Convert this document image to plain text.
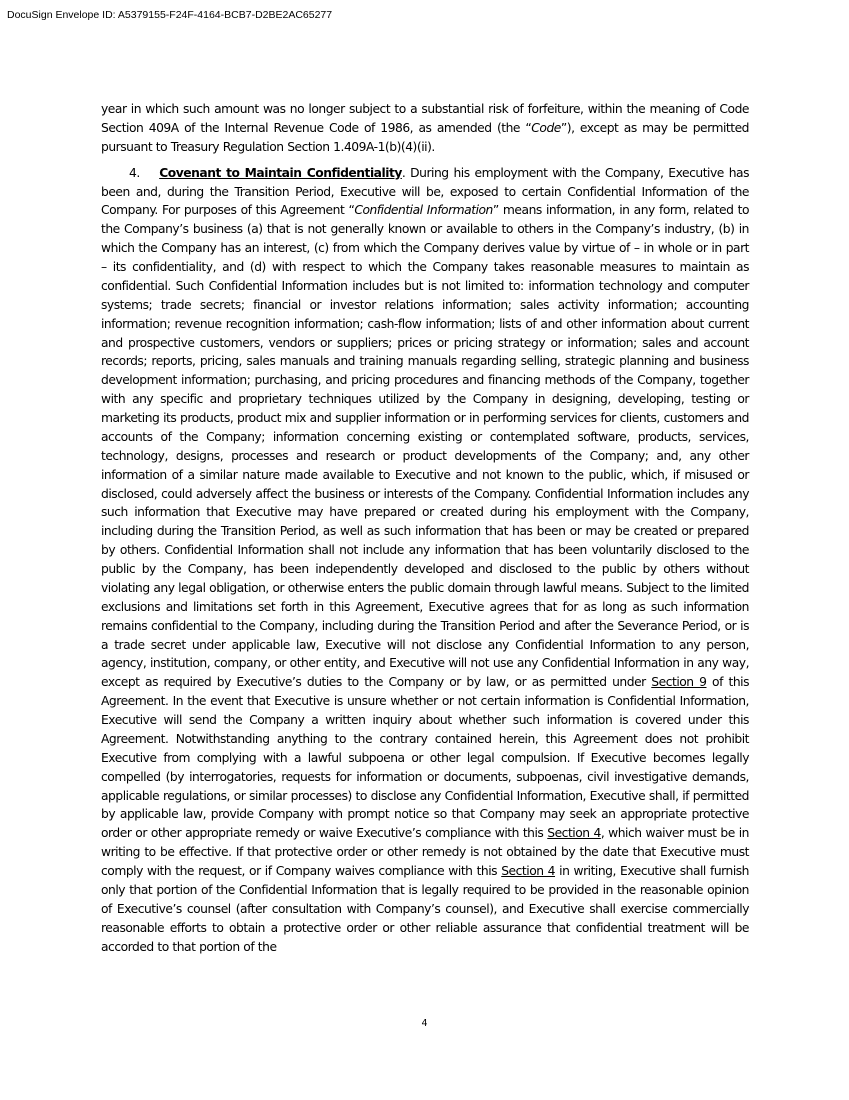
DocuSign Envelope ID: A5379155-F24F-4164-BCB7-D2BE2AC65277

year in which such amount was no longer subject to a substantial risk of forfeiture, within the meaning of Code Section 409A of the Internal Revenue Code of 1986, as amended (the “Code”), except as may be permitted pursuant to Treasury Regulation Section 1.409A-1(b)(4)(ii).

4. Covenant to Maintain Confidentiality. During his employment with the Company, Executive has been and, during the Transition Period, Executive will be, exposed to certain Confidential Information of the Company. For purposes of this Agreement “Confidential Information” means information, in any form, related to the Company’s business (a) that is not generally known or available to others in the Company’s industry, (b) in which the Company has an interest, (c) from which the Company derives value by virtue of – in whole or in part – its confidentiality, and (d) with respect to which the Company takes reasonable measures to maintain as confidential. Such Confidential Information includes but is not limited to: information technology and computer systems; trade secrets; financial or investor relations information; sales activity information; accounting information; revenue recognition information; cash-flow information; lists of and other information about current and prospective customers, vendors or suppliers; prices or pricing strategy or information; sales and account records; reports, pricing, sales manuals and training manuals regarding selling, strategic planning and business development information; purchasing, and pricing procedures and financing methods of the Company, together with any specific and proprietary techniques utilized by the Company in designing, developing, testing or marketing its products, product mix and supplier information or in performing services for clients, customers and accounts of the Company; information concerning existing or contemplated software, products, services, technology, designs, processes and research or product developments of the Company; and, any other information of a similar nature made available to Executive and not known to the public, which, if misused or disclosed, could adversely affect the business or interests of the Company. Confidential Information includes any such information that Executive may have prepared or created during his employment with the Company, including during the Transition Period, as well as such information that has been or may be created or prepared by others. Confidential Information shall not include any information that has been voluntarily disclosed to the public by the Company, has been independently developed and disclosed to the public by others without violating any legal obligation, or otherwise enters the public domain through lawful means. Subject to the limited exclusions and limitations set forth in this Agreement, Executive agrees that for as long as such information remains confidential to the Company, including during the Transition Period and after the Severance Period, or is a trade secret under applicable law, Executive will not disclose any Confidential Information to any person, agency, institution, company, or other entity, and Executive will not use any Confidential Information in any way, except as required by Executive’s duties to the Company or by law, or as permitted under Section 9 of this Agreement. In the event that Executive is unsure whether or not certain information is Confidential Information, Executive will send the Company a written inquiry about whether such information is covered under this Agreement. Notwithstanding anything to the contrary contained herein, this Agreement does not prohibit Executive from complying with a lawful subpoena or other legal compulsion. If Executive becomes legally compelled (by interrogatories, requests for information or documents, subpoenas, civil investigative demands, applicable regulations, or similar processes) to disclose any Confidential Information, Executive shall, if permitted by applicable law, provide Company with prompt notice so that Company may seek an appropriate protective order or other appropriate remedy or waive Executive’s compliance with this Section 4, which waiver must be in writing to be effective. If that protective order or other remedy is not obtained by the date that Executive must comply with the request, or if Company waives compliance with this Section 4 in writing, Executive shall furnish only that portion of the Confidential Information that is legally required to be provided in the reasonable opinion of Executive’s counsel (after consultation with Company’s counsel), and Executive shall exercise commercially reasonable efforts to obtain a protective order or other reliable assurance that confidential treatment will be accorded to that portion of the

4
